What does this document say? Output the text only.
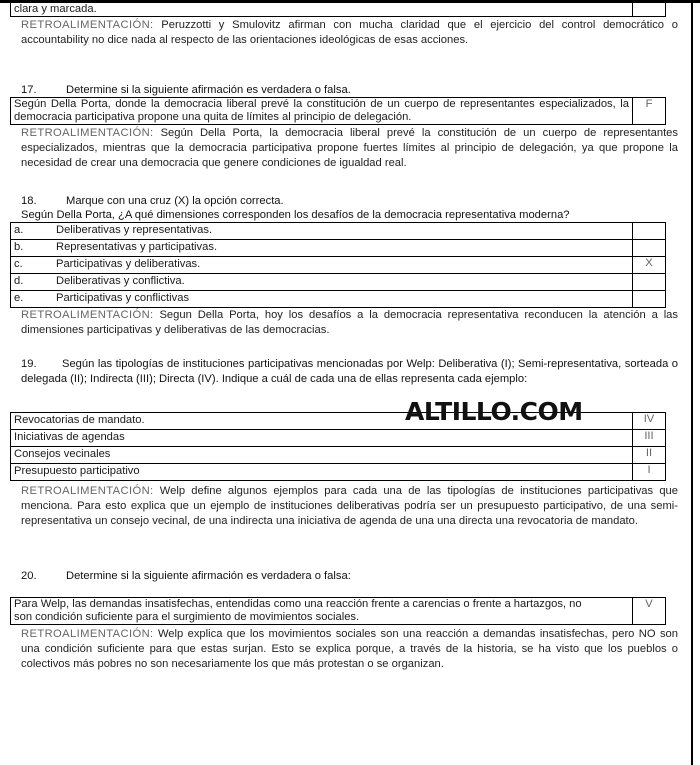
clara y marcada.	
RETROALIMENTACIÓN: Peruzzotti y Smulovitz afirman con mucha claridad que el ejercicio del control democrático o accountability no dice nada al respecto de las orientaciones ideológicas de esas acciones.
17.	Determine si la siguiente afirmación es verdadera o falsa.
Según Della Porta, donde la democracia liberal prevé la constitución de un cuerpo de representantes especializados, la democracia participativa propone una quita de límites al principio de delegación.	F
RETROALIMENTACIÓN: Según Della Porta, la democracia liberal prevé la constitución de un cuerpo de representantes especializados, mientras que la democracia participativa propone fuertes límites al principio de delegación, ya que propone la necesidad de crear una democracia que genere condiciones de igualdad real.
18.	Marque con una cruz (X) la opción correcta.
Según Della Porta, ¿A qué dimensiones corresponden los desafíos de la democracia representativa moderna?
a. Deliberativas y representativas.	
b. Representativas y participativas.	
c. Participativas y deliberativas.	X
d. Deliberativas y conflictiva.	
e. Participativas y conflictivas	
RETROALIMENTACIÓN: Segun Della Porta, hoy los desafíos a la democracia representativa reconducen la atención a las dimensiones participativas y deliberativas de las democracias.
19. Según las tipologías de instituciones participativas mencionadas por Welp: Deliberativa (I); Semi-representativa, sorteada o delegada (II); Indirecta (III); Directa (IV). Indique a cuál de cada una de ellas representa cada ejemplo:
Revocatorias de mandato.	IV
Iniciativas de agendas	III
Consejos vecinales	II
Presupuesto participativo	I
ALTILLO.COM
RETROALIMENTACIÓN: Welp define algunos ejemplos para cada una de las tipologías de instituciones participativas que menciona. Para esto explica que un ejemplo de instituciones deliberativas podría ser un presupuesto participativo, de una semi-representativa un consejo vecinal, de una indirecta una iniciativa de agenda de una una directa una revocatoria de mandato.
20.	Determine si la siguiente afirmación es verdadera o falsa:
Para Welp, las demandas insatisfechas, entendidas como una reacción frente a carencias o frente a hartazgos, no son condición suficiente para el surgimiento de movimientos sociales.	V
RETROALIMENTACIÓN: Welp explica que los movimientos sociales son una reacción a demandas insatisfechas, pero NO son una condición suficiente para que estas surjan. Esto se explica porque, a través de la historia, se ha visto que los pueblos o colectivos más pobres no son necesariamente los que más protestan o se organizan.
